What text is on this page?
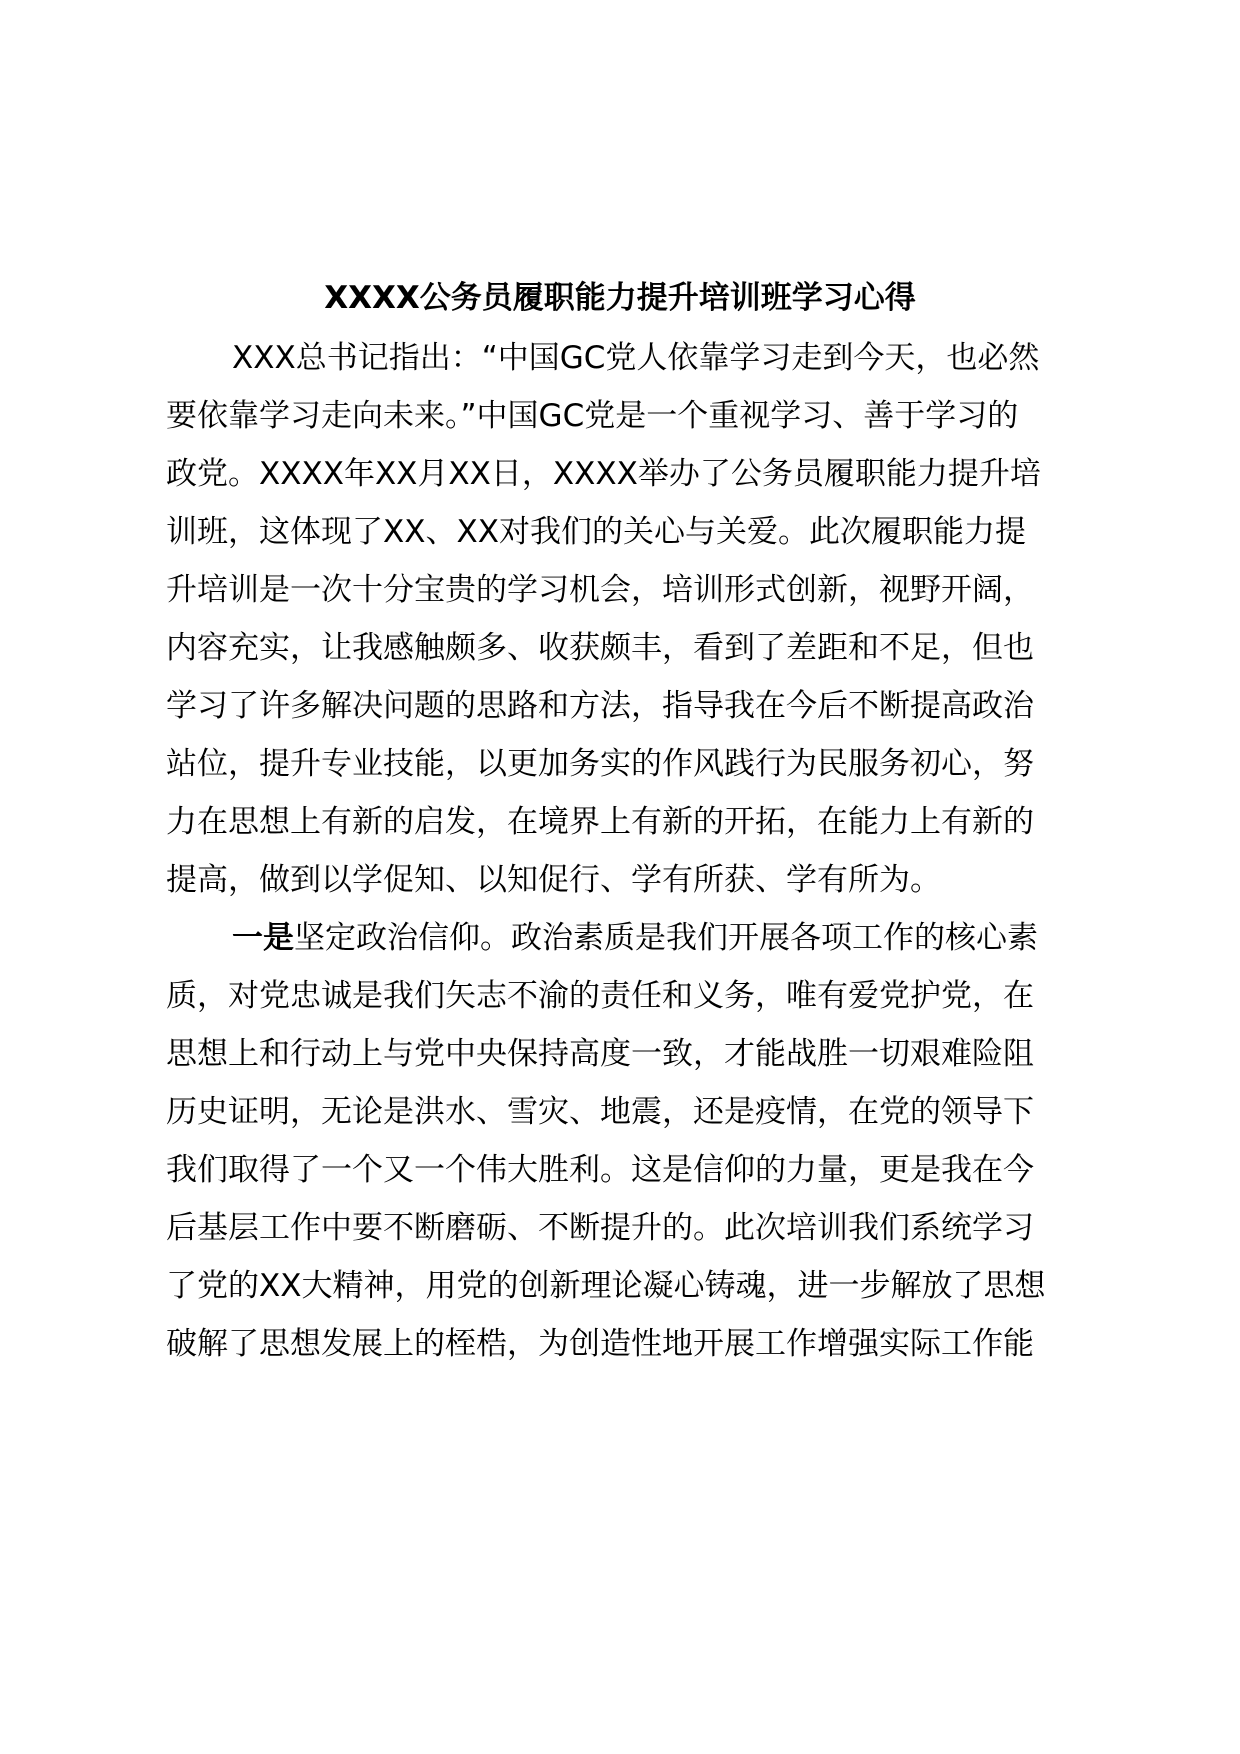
XXXX公务员履职能力提升培训班学习心得

XXX总书记指出：“中国GC党人依靠学习走到今天，也必然

要依靠学习走向未来。”中国GC党是一个重视学习、善于学习的

政党。XXXX年XX月XX日，XXXX举办了公务员履职能力提升培

训班，这体现了XX、XX对我们的关心与关爱。此次履职能力提

升培训是一次十分宝贵的学习机会，培训形式创新，视野开阔，

内容充实，让我感触颇多、收获颇丰，看到了差距和不足，但也

学习了许多解决问题的思路和方法，指导我在今后不断提高政治

站位，提升专业技能，以更加务实的作风践行为民服务初心，努

力在思想上有新的启发，在境界上有新的开拓，在能力上有新的

提高，做到以学促知、以知促行、学有所获、学有所为。

一是坚定政治信仰。政治素质是我们开展各项工作的核心素

质，对党忠诚是我们矢志不渝的责任和义务，唯有爱党护党，在

思想上和行动上与党中央保持高度一致，才能战胜一切艰难险阻

历史证明，无论是洪水、雪灾、地震，还是疫情，在党的领导下

我们取得了一个又一个伟大胜利。这是信仰的力量，更是我在今

后基层工作中要不断磨砺、不断提升的。此次培训我们系统学习

了党的XX大精神，用党的创新理论凝心铸魂，进一步解放了思想

破解了思想发展上的桎梏，为创造性地开展工作增强实际工作能
